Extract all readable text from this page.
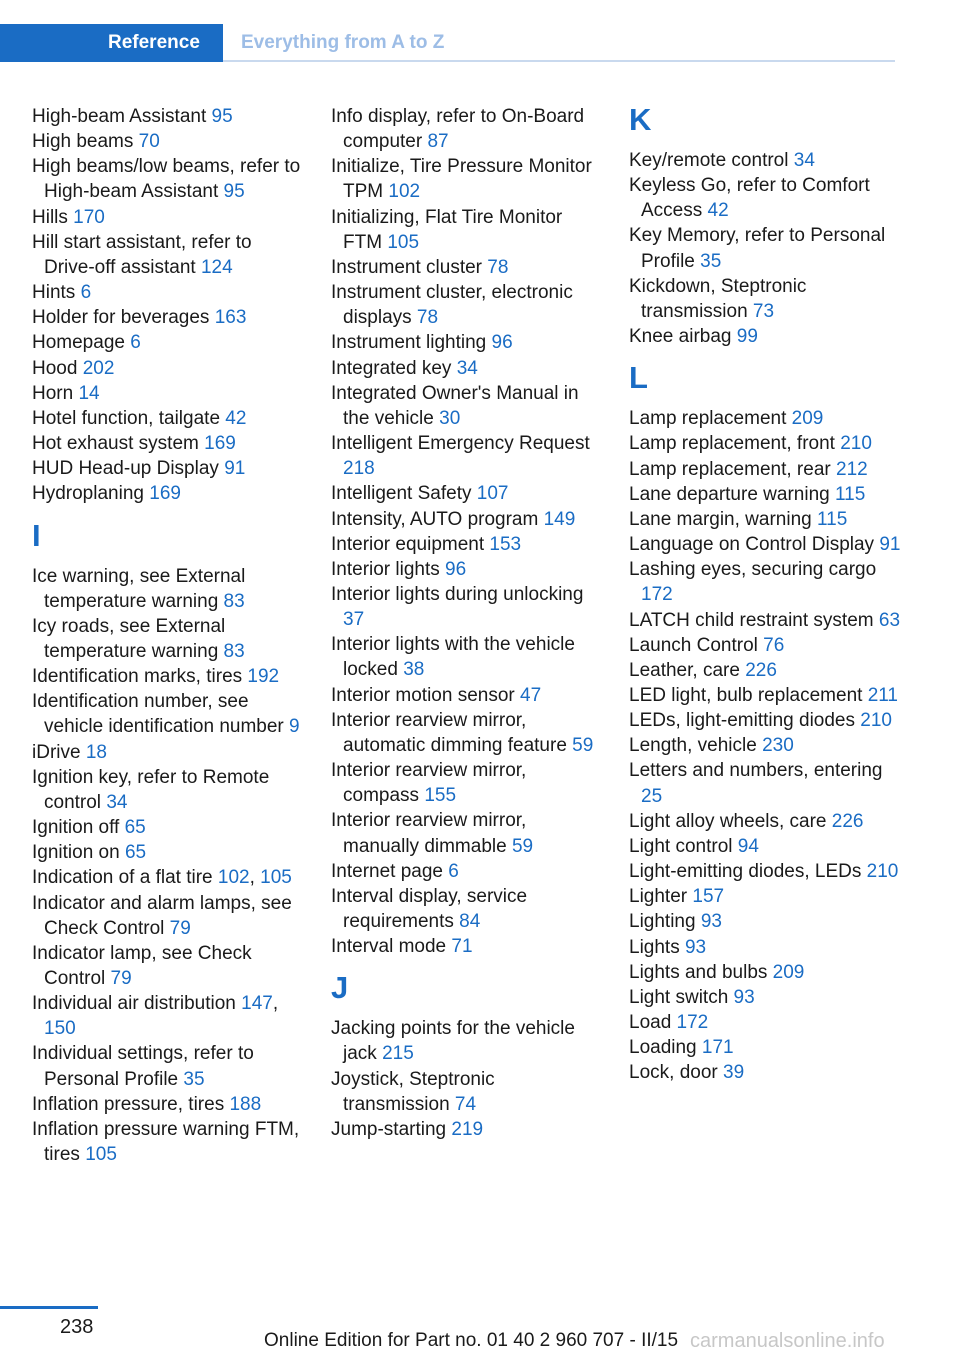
Reference	Everything from A to Z
High-beam Assistant 95
High beams 70
High beams/low beams, refer to High-beam Assistant 95
Hills 170
Hill start assistant, refer to Drive-off assistant 124
Hints 6
Holder for beverages 163
Homepage 6
Hood 202
Horn 14
Hotel function, tailgate 42
Hot exhaust system 169
HUD Head-up Display 91
Hydroplaning 169
I
Ice warning, see External temperature warning 83
Icy roads, see External temperature warning 83
Identification marks, tires 192
Identification number, see vehicle identification number 9
iDrive 18
Ignition key, refer to Remote control 34
Ignition off 65
Ignition on 65
Indication of a flat tire 102, 105
Indicator and alarm lamps, see Check Control 79
Indicator lamp, see Check Control 79
Individual air distribution 147, 150
Individual settings, refer to Personal Profile 35
Inflation pressure, tires 188
Inflation pressure warning FTM, tires 105
Info display, refer to On-Board computer 87
Initialize, Tire Pressure Monitor TPM 102
Initializing, Flat Tire Monitor FTM 105
Instrument cluster 78
Instrument cluster, electronic displays 78
Instrument lighting 96
Integrated key 34
Integrated Owner's Manual in the vehicle 30
Intelligent Emergency Request 218
Intelligent Safety 107
Intensity, AUTO program 149
Interior equipment 153
Interior lights 96
Interior lights during unlocking 37
Interior lights with the vehicle locked 38
Interior motion sensor 47
Interior rearview mirror, automatic dimming feature 59
Interior rearview mirror, compass 155
Interior rearview mirror, manually dimmable 59
Internet page 6
Interval display, service requirements 84
Interval mode 71
J
Jacking points for the vehicle jack 215
Joystick, Steptronic transmission 74
Jump-starting 219
K
Key/remote control 34
Keyless Go, refer to Comfort Access 42
Key Memory, refer to Personal Profile 35
Kickdown, Steptronic transmission 73
Knee airbag 99
L
Lamp replacement 209
Lamp replacement, front 210
Lamp replacement, rear 212
Lane departure warning 115
Lane margin, warning 115
Language on Control Display 91
Lashing eyes, securing cargo 172
LATCH child restraint system 63
Launch Control 76
Leather, care 226
LED light, bulb replacement 211
LEDs, light-emitting diodes 210
Length, vehicle 230
Letters and numbers, entering 25
Light alloy wheels, care 226
Light control 94
Light-emitting diodes, LEDs 210
Lighter 157
Lighting 93
Lights 93
Lights and bulbs 209
Light switch 93
Load 172
Loading 171
Lock, door 39
238
Online Edition for Part no. 01 40 2 960 707 - II/15 carmanualsonline.info
